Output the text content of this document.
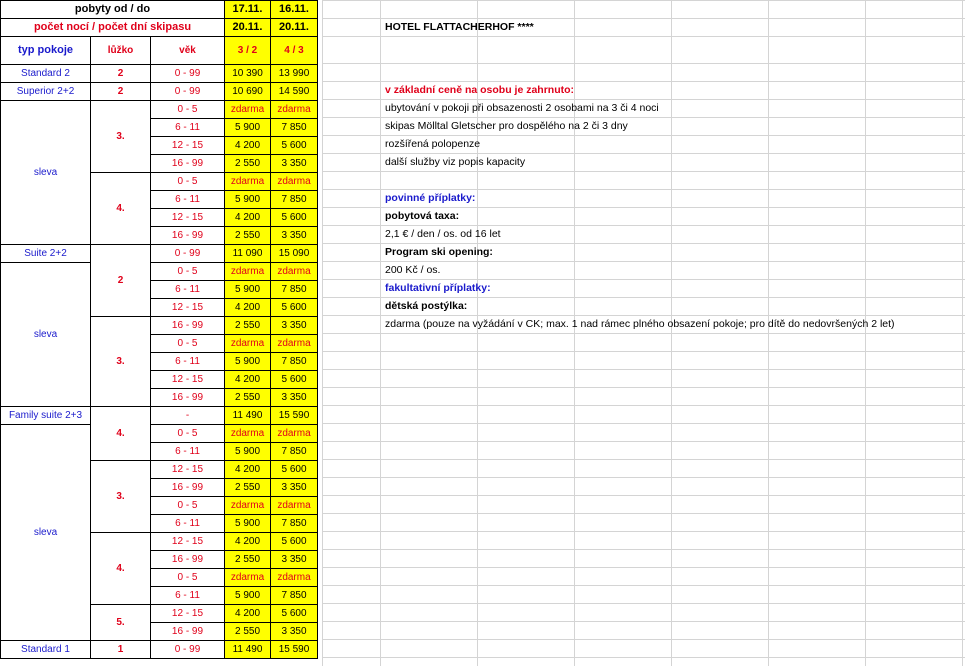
pobyty od / do			17.11.	16.11.
počet nocí / počet dní skipasu			20.11.	20.11.
typ pokoje	lůžko	věk	3 / 2	4 / 3
Standard 2	2	0 - 99	10 390	13 990
Superior 2+2	2	0 - 99	10 690	14 590
sleva	3.	0 - 5	zdarma	zdarma
		6 - 11	5 900	7 850
		12 - 15	4 200	5 600
		16 - 99	2 550	3 350
	4.	0 - 5	zdarma	zdarma
		6 - 11	5 900	7 850
		12 - 15	4 200	5 600
		16 - 99	2 550	3 350
Suite 2+2	2	0 - 99	11 090	15 090
sleva		0 - 5	zdarma	zdarma
		6 - 11	5 900	7 850
		12 - 15	4 200	5 600
	3.	16 - 99	2 550	3 350
		0 - 5	zdarma	zdarma
		6 - 11	5 900	7 850
		12 - 15	4 200	5 600
		16 - 99	2 550	3 350
Family suite 2+3	4.	-	11 490	15 590
sleva		0 - 5	zdarma	zdarma
		6 - 11	5 900	7 850
	3.	12 - 15	4 200	5 600
		16 - 99	2 550	3 350
		0 - 5	zdarma	zdarma
		6 - 11	5 900	7 850
	4.	12 - 15	4 200	5 600
		16 - 99	2 550	3 350
		0 - 5	zdarma	zdarma
		6 - 11	5 900	7 850
	5.	12 - 15	4 200	5 600
		16 - 99	2 550	3 350
Standard 1	1	0 - 99	11 490	15 590
HOTEL FLATTACHERHOF ****
v základní ceně na osobu je zahrnuto:
ubytování v pokoji při obsazenosti 2 osobami na 3 či 4 noci
skipas Mölltal Gletscher pro dospělého na 2 či 3 dny
rozšířená polopenze
další služby viz popis kapacity
povinné příplatky:
pobytová taxa:
2,1 € / den / os. od 16 let
Program ski opening:
200 Kč / os.
fakultativní příplatky:
dětská postýlka:
zdarma (pouze na vyžádání v CK; max. 1 nad rámec plného obsazení pokoje; pro dítě do nedovršených 2 let)
